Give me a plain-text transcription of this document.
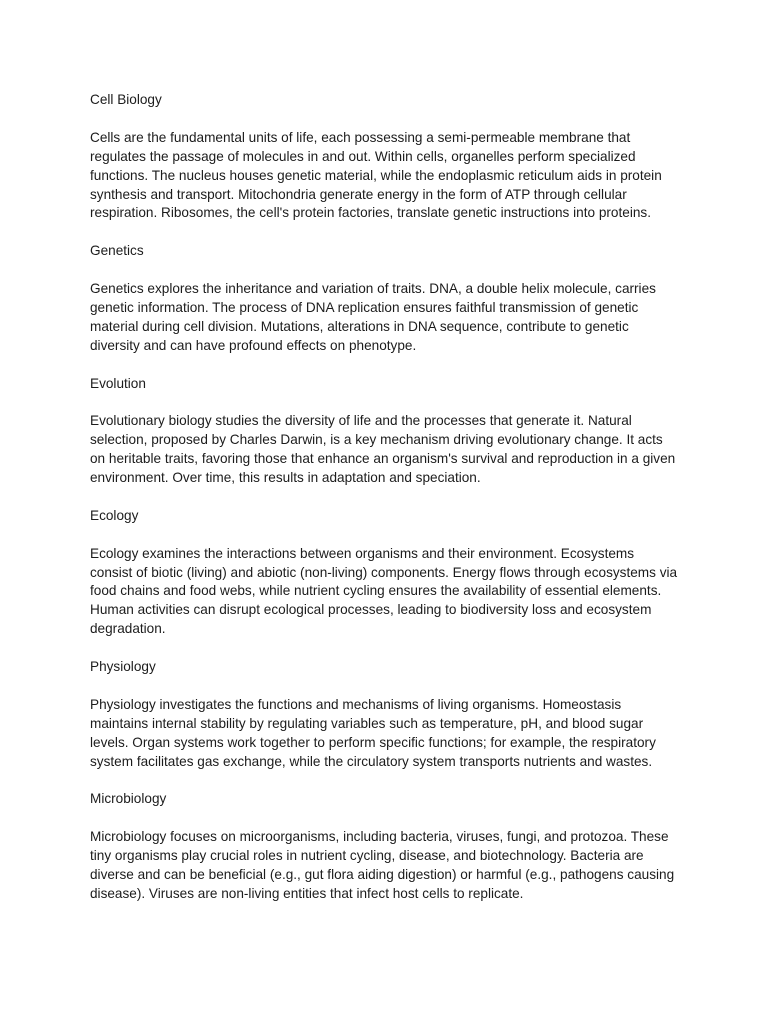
Cell Biology

Cells are the fundamental units of life, each possessing a semi-permeable membrane that regulates the passage of molecules in and out. Within cells, organelles perform specialized functions. The nucleus houses genetic material, while the endoplasmic reticulum aids in protein synthesis and transport. Mitochondria generate energy in the form of ATP through cellular respiration. Ribosomes, the cell's protein factories, translate genetic instructions into proteins.

Genetics

Genetics explores the inheritance and variation of traits. DNA, a double helix molecule, carries genetic information. The process of DNA replication ensures faithful transmission of genetic material during cell division. Mutations, alterations in DNA sequence, contribute to genetic diversity and can have profound effects on phenotype.

Evolution

Evolutionary biology studies the diversity of life and the processes that generate it. Natural selection, proposed by Charles Darwin, is a key mechanism driving evolutionary change. It acts on heritable traits, favoring those that enhance an organism's survival and reproduction in a given environment. Over time, this results in adaptation and speciation.

Ecology

Ecology examines the interactions between organisms and their environment. Ecosystems consist of biotic (living) and abiotic (non-living) components. Energy flows through ecosystems via food chains and food webs, while nutrient cycling ensures the availability of essential elements. Human activities can disrupt ecological processes, leading to biodiversity loss and ecosystem degradation.

Physiology

Physiology investigates the functions and mechanisms of living organisms. Homeostasis maintains internal stability by regulating variables such as temperature, pH, and blood sugar levels. Organ systems work together to perform specific functions; for example, the respiratory system facilitates gas exchange, while the circulatory system transports nutrients and wastes.

Microbiology

Microbiology focuses on microorganisms, including bacteria, viruses, fungi, and protozoa. These tiny organisms play crucial roles in nutrient cycling, disease, and biotechnology. Bacteria are diverse and can be beneficial (e.g., gut flora aiding digestion) or harmful (e.g., pathogens causing disease). Viruses are non-living entities that infect host cells to replicate.
